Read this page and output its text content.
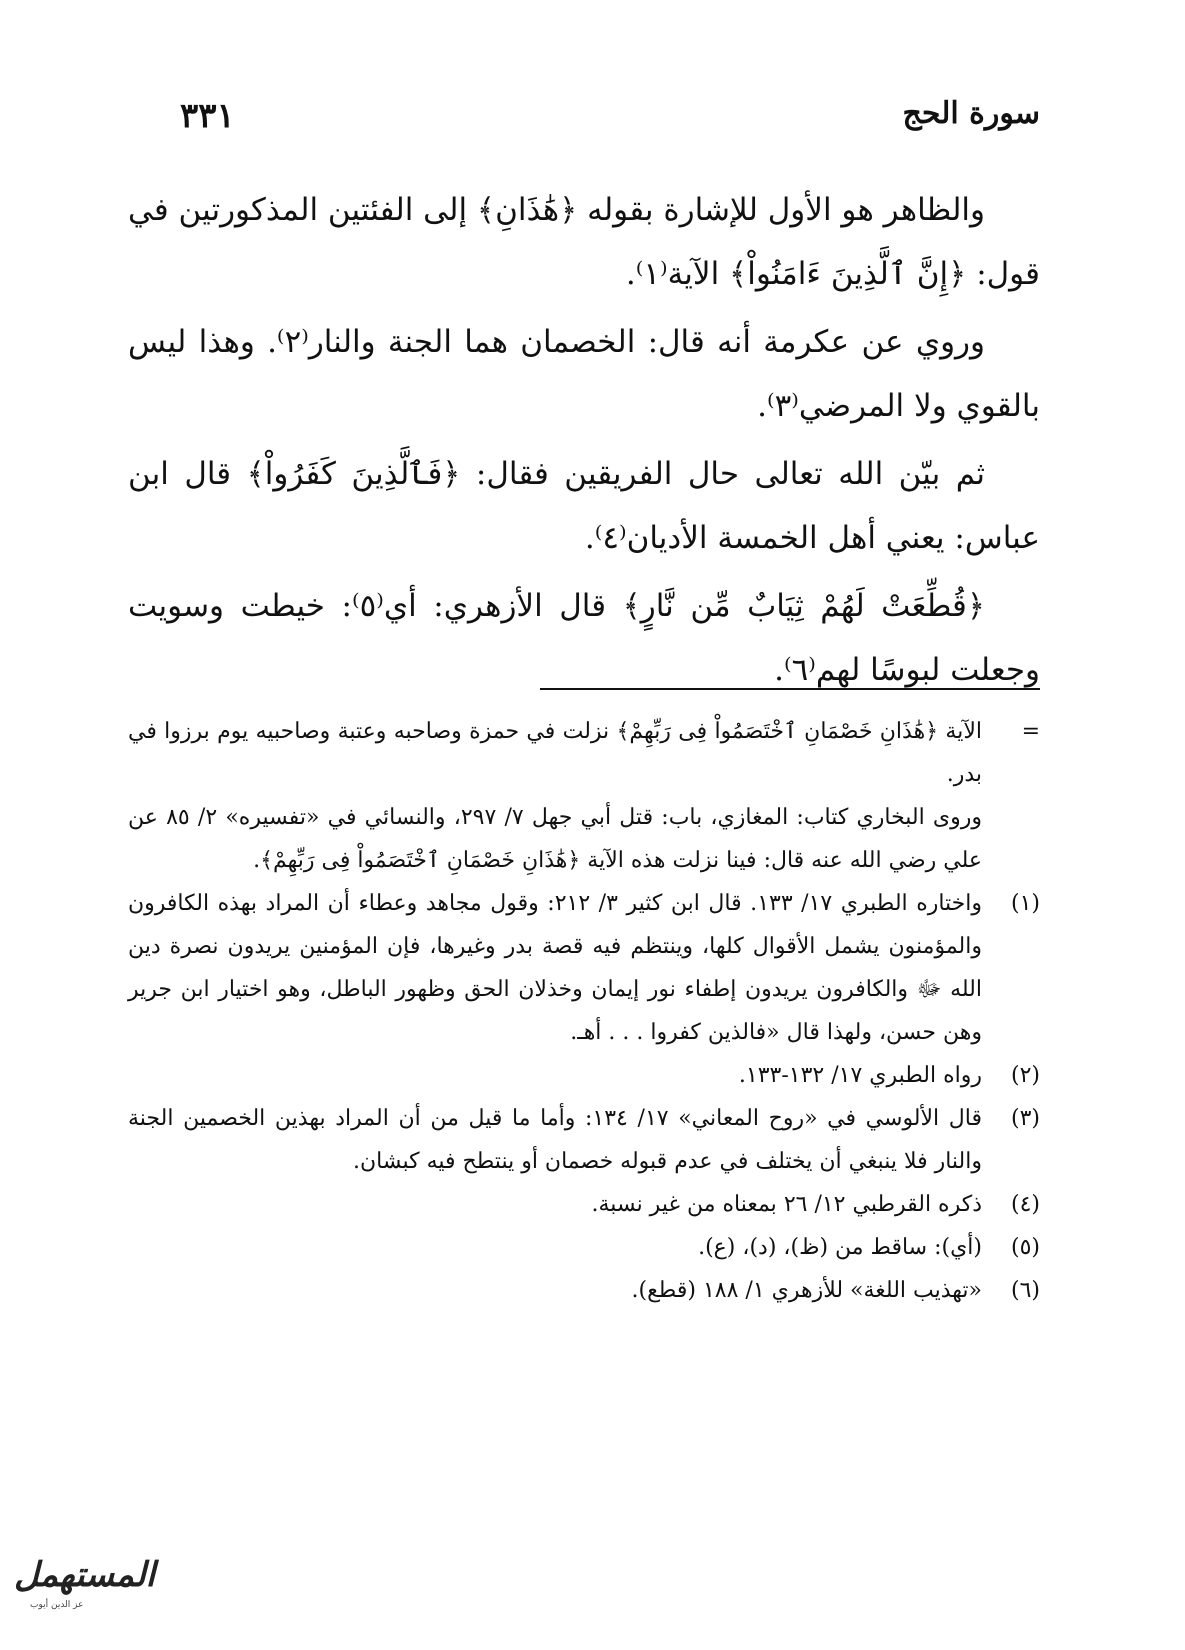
سورة الحج
٣٣١

والظاهر هو الأول للإشارة بقوله ﴿هَٰذَانِ﴾ إلى الفئتين المذكورتين في قول: ﴿إِنَّ ٱلَّذِينَ ءَامَنُواْ﴾ الآية⁽١⁾.

وروي عن عكرمة أنه قال: الخصمان هما الجنة والنار⁽٢⁾. وهذا ليس بالقوي ولا المرضي⁽٣⁾.

ثم بيّن الله تعالى حال الفريقين فقال: ﴿فَٱلَّذِينَ كَفَرُواْ﴾ قال ابن عباس: يعني أهل الخمسة الأديان⁽٤⁾.

﴿قُطِّعَتْ لَهُمْ ثِيَابٌ مِّن نَّارٍ﴾ قال الأزهري: أي⁽٥⁾: خيطت وسويت وجعلت لبوسًا لهم⁽٦⁾.

=
الآية ﴿هَٰذَانِ خَصْمَانِ ٱخْتَصَمُواْ فِى رَبِّهِمْ﴾ نزلت في حمزة وصاحبه وعتبة وصاحبيه يوم برزوا في بدر.
وروى البخاري كتاب: المغازي، باب: قتل أبي جهل ٧/ ٢٩٧، والنسائي في «تفسيره» ٢/ ٨٥ عن علي رضي الله عنه قال: فينا نزلت هذه الآية ﴿هَٰذَانِ خَصْمَانِ ٱخْتَصَمُواْ فِى رَبِّهِمْ﴾.
(١)
واختاره الطبري ١٧/ ١٣٣. قال ابن كثير ٣/ ٢١٢: وقول مجاهد وعطاء أن المراد بهذه الكافرون والمؤمنون يشمل الأقوال كلها، وينتظم فيه قصة بدر وغيرها، فإن المؤمنين يريدون نصرة دين الله ﷻ والكافرون يريدون إطفاء نور إيمان وخذلان الحق وظهور الباطل، وهو اختيار ابن جرير وهن حسن، ولهذا قال «فالذين كفروا . . . أهـ.
(٢)
رواه الطبري ١٧/ ١٣٢-١٣٣.
(٣)
قال الألوسي في «روح المعاني» ١٧/ ١٣٤: وأما ما قيل من أن المراد بهذين الخصمين الجنة والنار فلا ينبغي أن يختلف في عدم قبوله خصمان أو ينتطح فيه كبشان.
(٤)
ذكره القرطبي ١٢/ ٢٦ بمعناه من غير نسبة.
(٥)
(أي): ساقط من (ظ)، (د)، (ع).
(٦)
«تهذيب اللغة» للأزهري ١/ ١٨٨ (قطع).
المستهمل
عز الدين أيوب
